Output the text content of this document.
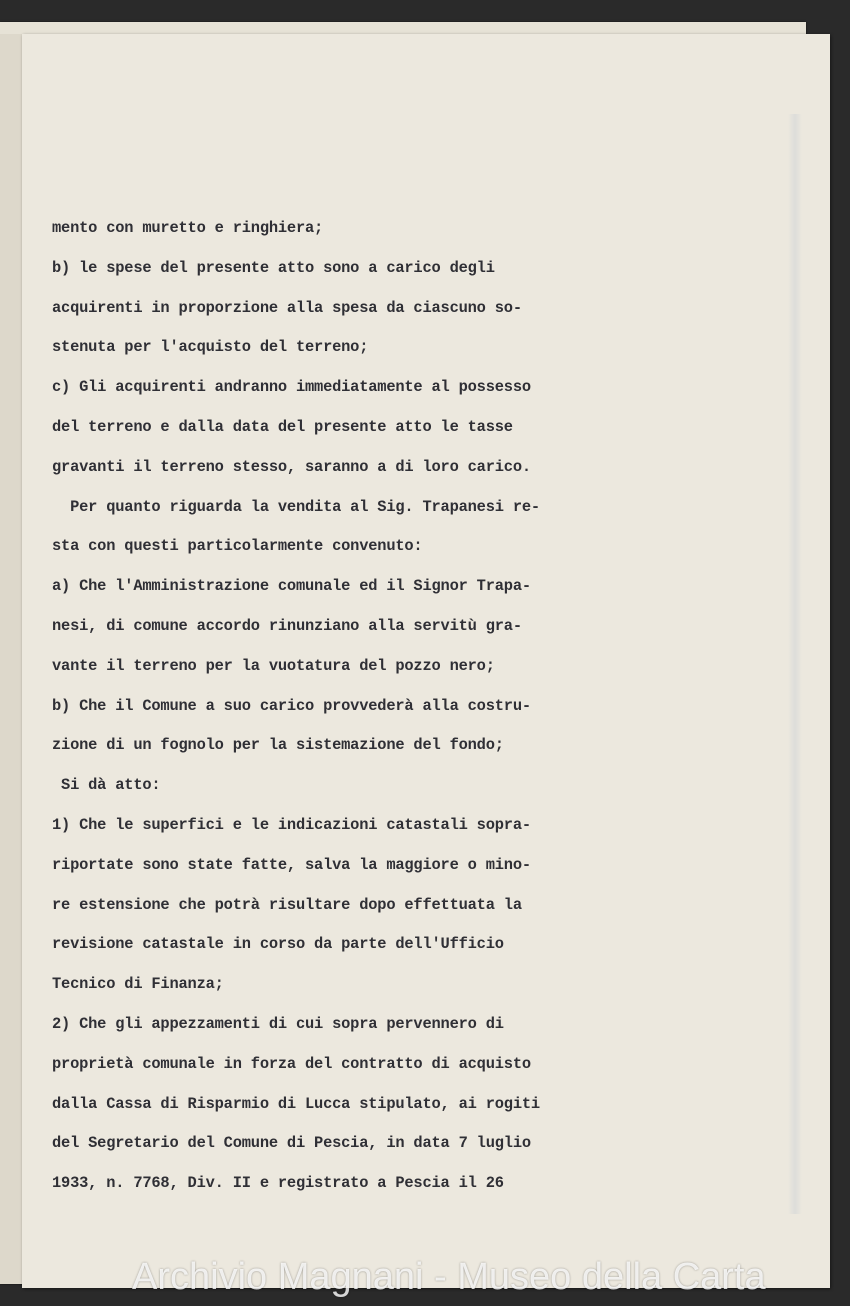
mento con muretto e ringhiera;
b) le spese del presente atto sono a carico degli
acquirenti in proporzione alla spesa da ciascuno so-
stenuta per l'acquisto del terreno;
c) Gli acquirenti andranno immediatamente al possesso
del terreno e dalla data del presente atto le tasse
gravanti il terreno stesso, saranno a di loro carico.
Per quanto riguarda la vendita al Sig. Trapanesi re-
sta con questi particolarmente convenuto:
a) Che l'Amministrazione comunale ed il Signor Trapa-
nesi, di comune accordo rinunziano alla servitù gra-
vante il terreno per la vuotatura del pozzo nero;
b) Che il Comune a suo carico provvederà alla costru-
zione di un fognolo per la sistemazione del fondo;
Si dà atto:
1) Che le superfici e le indicazioni catastali sopra-
riportate sono state fatte, salva la maggiore o mino-
re estensione che potrà risultare dopo effettuata la
revisione catastale in corso da parte dell'Ufficio
Tecnico di Finanza;
2) Che gli appezzamenti di cui sopra pervennero di
proprietà comunale in forza del contratto di acquisto
dalla Cassa di Risparmio di Lucca stipulato, ai rogiti
del Segretario del Comune di Pescia, in data 7 luglio
1933, n. 7768, Div. II e registrato a Pescia il 26
Archivio Magnani - Museo della Carta
